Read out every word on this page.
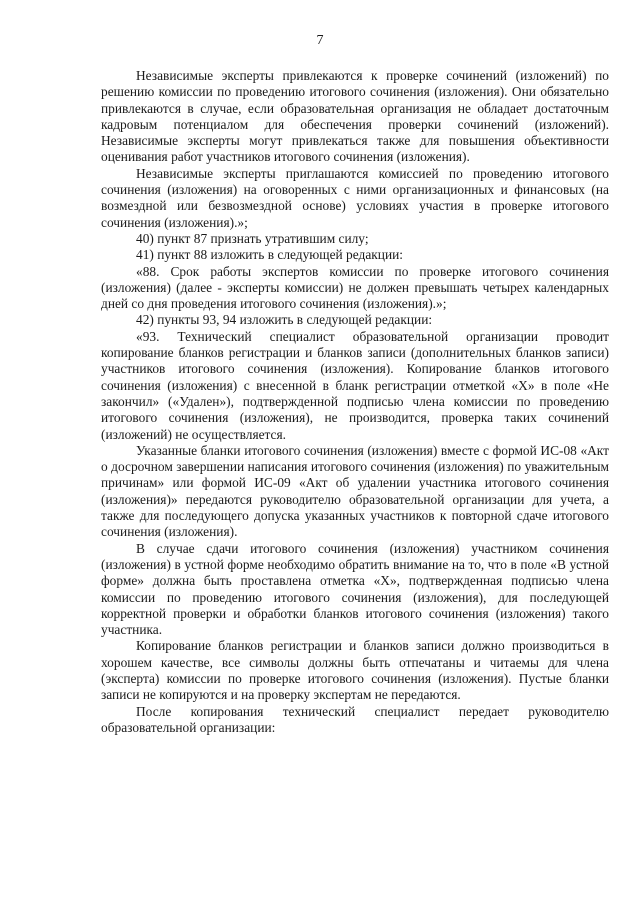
7

Независимые эксперты привлекаются к проверке сочинений (изложений) по решению комиссии по проведению итогового сочинения (изложения). Они обязательно привлекаются в случае, если образовательная организация не обладает достаточным кадровым потенциалом для обеспечения проверки сочинений (изложений). Независимые эксперты могут привлекаться также для повышения объективности оценивания работ участников итогового сочинения (изложения).

Независимые эксперты приглашаются комиссией по проведению итогового сочинения (изложения) на оговоренных с ними организационных и финансовых (на возмездной или безвозмездной основе) условиях участия в проверке итогового сочинения (изложения).»;

40) пункт 87 признать утратившим силу;

41) пункт 88 изложить в следующей редакции:

«88. Срок работы экспертов комиссии по проверке итогового сочинения (изложения) (далее - эксперты комиссии) не должен превышать четырех календарных дней со дня проведения итогового сочинения (изложения).»;

42) пункты 93, 94 изложить в следующей редакции:

«93. Технический специалист образовательной организации проводит копирование бланков регистрации и бланков записи (дополнительных бланков записи) участников итогового сочинения (изложения). Копирование бланков итогового сочинения (изложения) с внесенной в бланк регистрации отметкой «X» в поле «Не закончил» («Удален»), подтвержденной подписью члена комиссии по проведению итогового сочинения (изложения), не производится, проверка таких сочинений (изложений) не осуществляется.

Указанные бланки итогового сочинения (изложения) вместе с формой ИС-08 «Акт о досрочном завершении написания итогового сочинения (изложения) по уважительным причинам» или формой ИС-09 «Акт об удалении участника итогового сочинения (изложения)» передаются руководителю образовательной организации для учета, а также для последующего допуска указанных участников к повторной сдаче итогового сочинения (изложения).

В случае сдачи итогового сочинения (изложения) участником сочинения (изложения) в устной форме необходимо обратить внимание на то, что в поле «В устной форме» должна быть проставлена отметка «X», подтвержденная подписью члена комиссии по проведению итогового сочинения (изложения), для последующей корректной проверки и обработки бланков итогового сочинения (изложения) такого участника.

Копирование бланков регистрации и бланков записи должно производиться в хорошем качестве, все символы должны быть отпечатаны и читаемы для члена (эксперта) комиссии по проверке итогового сочинения (изложения). Пустые бланки записи не копируются и на проверку экспертам не передаются.

После копирования технический специалист передает руководителю образовательной организации:
